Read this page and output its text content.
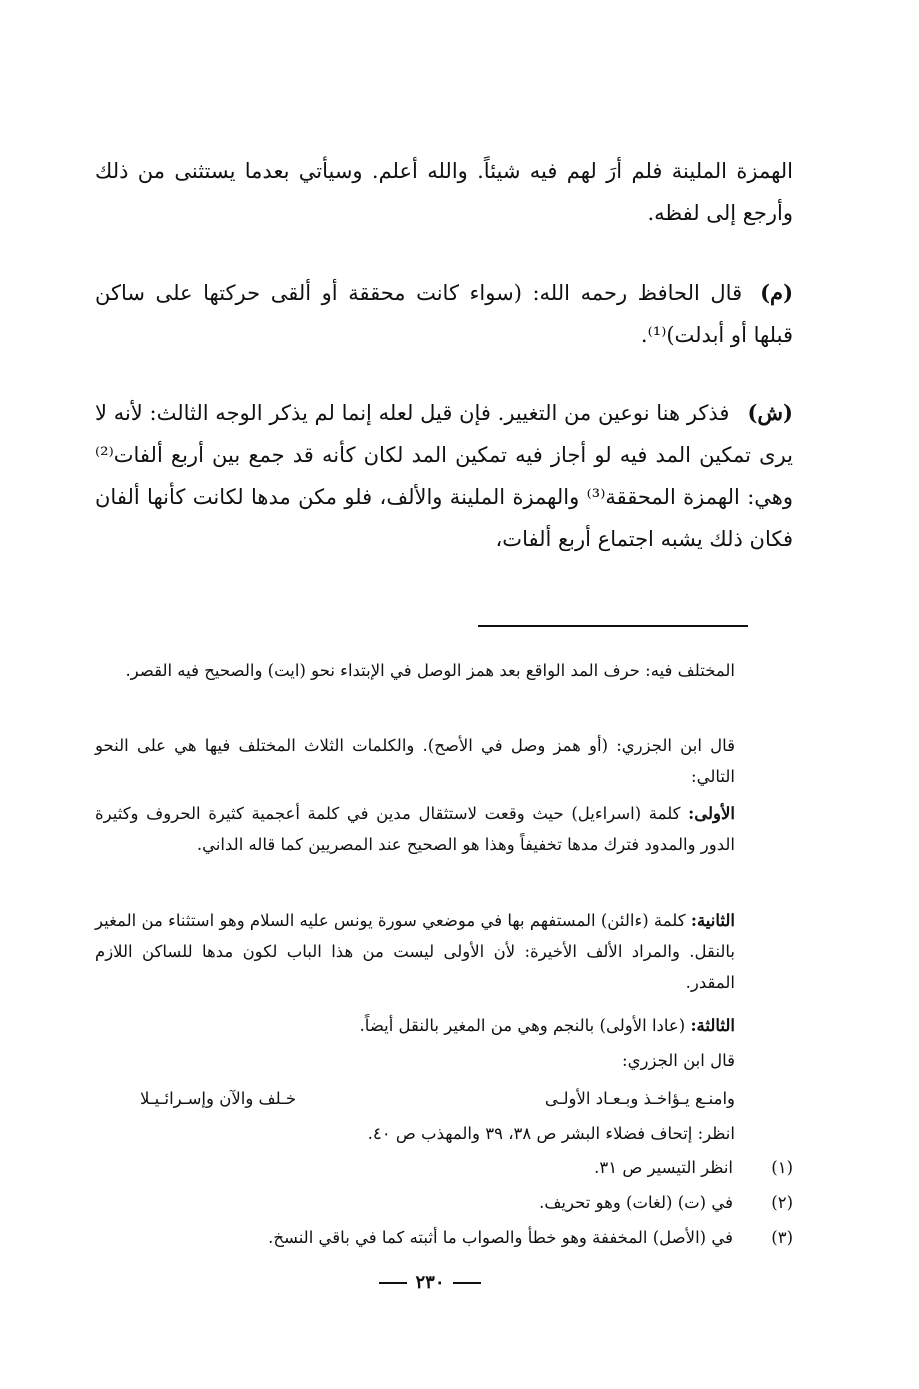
الهمزة الملينة فلم أرَ لهم فيه شيئاً. والله أعلم. وسيأتي بعدما يستثنى من ذلك وأرجع إلى لفظه.

(م)قال الحافظ رحمه الله: (سواء كانت محققة أو ألقى حركتها على ساكن قبلها أو أبدلت)⁽¹⁾.

(ش)فذكر هنا نوعين من التغيير. فإن قيل لعله إنما لم يذكر الوجه الثالث: لأنه لا يرى تمكين المد فيه لو أجاز فيه تمكين المد لكان كأنه قد جمع بين أربع ألفات⁽²⁾ وهي: الهمزة المحققة⁽³⁾ والهمزة الملينة والألف، فلو مكن مدها لكانت كأنها ألفان فكان ذلك يشبه اجتماع أربع ألفات،

المختلف فيه: حرف المد الواقع بعد همز الوصل في الإبتداء نحو (ايت) والصحيح فيه القصر.

قال ابن الجزري: (أو همز وصل في الأصح). والكلمات الثلاث المختلف فيها هي على النحو التالي:

الأولى: كلمة (اسراءيل) حيث وقعت لاستثقال مدين في كلمة أعجمية كثيرة الحروف وكثيرة الدور والمدود فترك مدها تخفيفاً وهذا هو الصحيح عند المصريين كما قاله الداني.

الثانية: كلمة (ءالئن) المستفهم بها في موضعي سورة يونس عليه السلام وهو استثناء من المغير بالنقل. والمراد الألف الأخيرة: لأن الأولى ليست من هذا الباب لكون مدها للساكن اللازم المقدر.

الثالثة: (عادا الأولى) بالنجم وهي من المغير بالنقل أيضاً.

قال ابن الجزري:

وامنـع يـؤاخـذ وبـعـاد الأولـى
خـلف والآن وإسـرائـيـلا

انظر: إتحاف فضلاء البشر ص ٣٨، ٣٩ والمهذب ص ٤٠.

(١)
انظر التيسير ص ٣١.
(٢)
في (ت) (لغات) وهو تحريف.
(٣)
في (الأصل) المخففة وهو خطأ والصواب ما أثبته كما في باقي النسخ.
٢٣٠
